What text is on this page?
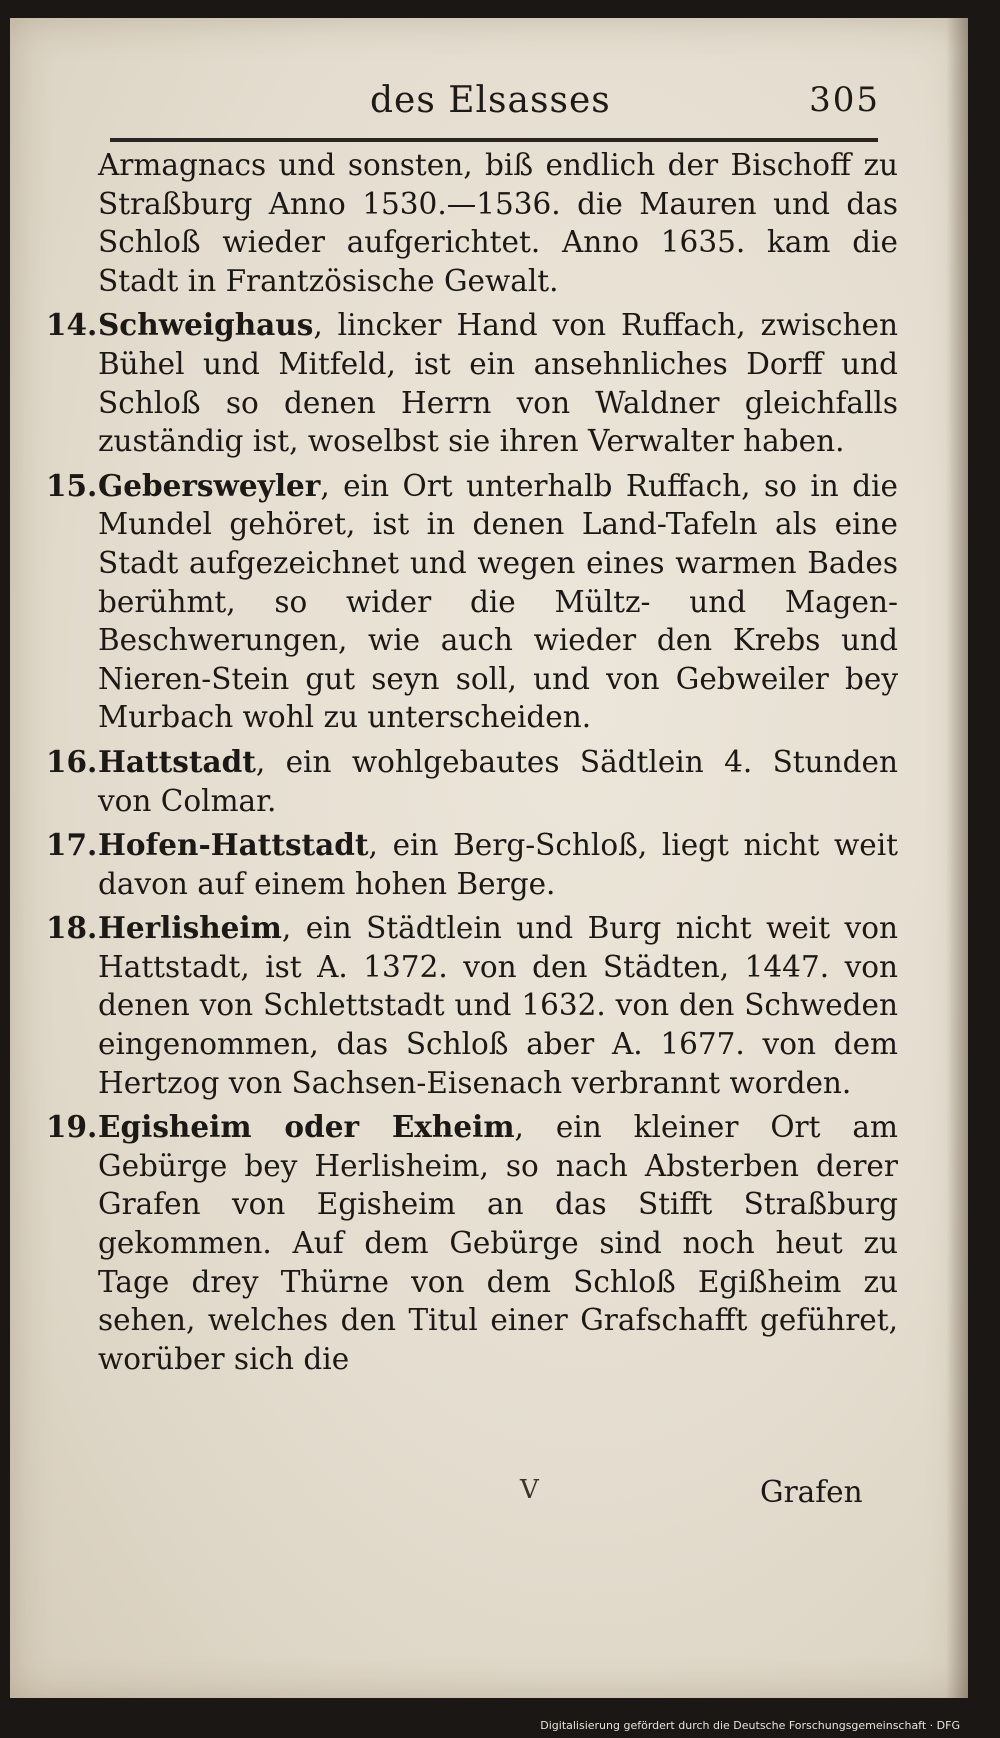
des Elsasses	305

Armagnacs und sonsten, biß endlich der Bischoff zu Straßburg Anno 1530.—1536. die Mauren und das Schloß wieder aufgerichtet. Anno 1635. kam die Stadt in Frantzösische Gewalt.

14. Schweighaus, lincker Hand von Ruffach, zwischen Bühel und Mitfeld, ist ein ansehnliches Dorff und Schloß so denen Herrn von Waldner gleichfalls zuständig ist, woselbst sie ihren Verwalter haben.

15. Gebersweyler, ein Ort unterhalb Ruffach, so in die Mundel gehöret, ist in denen Land-Tafeln als eine Stadt aufgezeichnet und wegen eines warmen Bades berühmt, so wider die Mültz- und Magen-Beschwerungen, wie auch wieder den Krebs und Nieren-Stein gut seyn soll, und von Gebweiler bey Murbach wohl zu unterscheiden.

16. Hattstadt, ein wohlgebautes Sädtlein 4. Stunden von Colmar.

17. Hofen-Hattstadt, ein Berg-Schloß, liegt nicht weit davon auf einem hohen Berge.

18. Herlisheim, ein Städtlein und Burg nicht weit von Hattstadt, ist A. 1372. von den Städten, 1447. von denen von Schlettstadt und 1632. von den Schweden eingenommen, das Schloß aber A. 1677. von dem Hertzog von Sachsen-Eisenach verbrannt worden.

19. Egisheim oder Exheim, ein kleiner Ort am Gebürge bey Herlisheim, so nach Absterben derer Grafen von Egisheim an das Stifft Straßburg gekommen. Auf dem Gebürge sind noch heut zu Tage drey Thürne von dem Schloß Egißheim zu sehen, welches den Titul einer Grafschafft geführet, worüber sich die

V	Grafen
Digitalisierung gefördert durch die Deutsche Forschungsgemeinschaft · DFG
